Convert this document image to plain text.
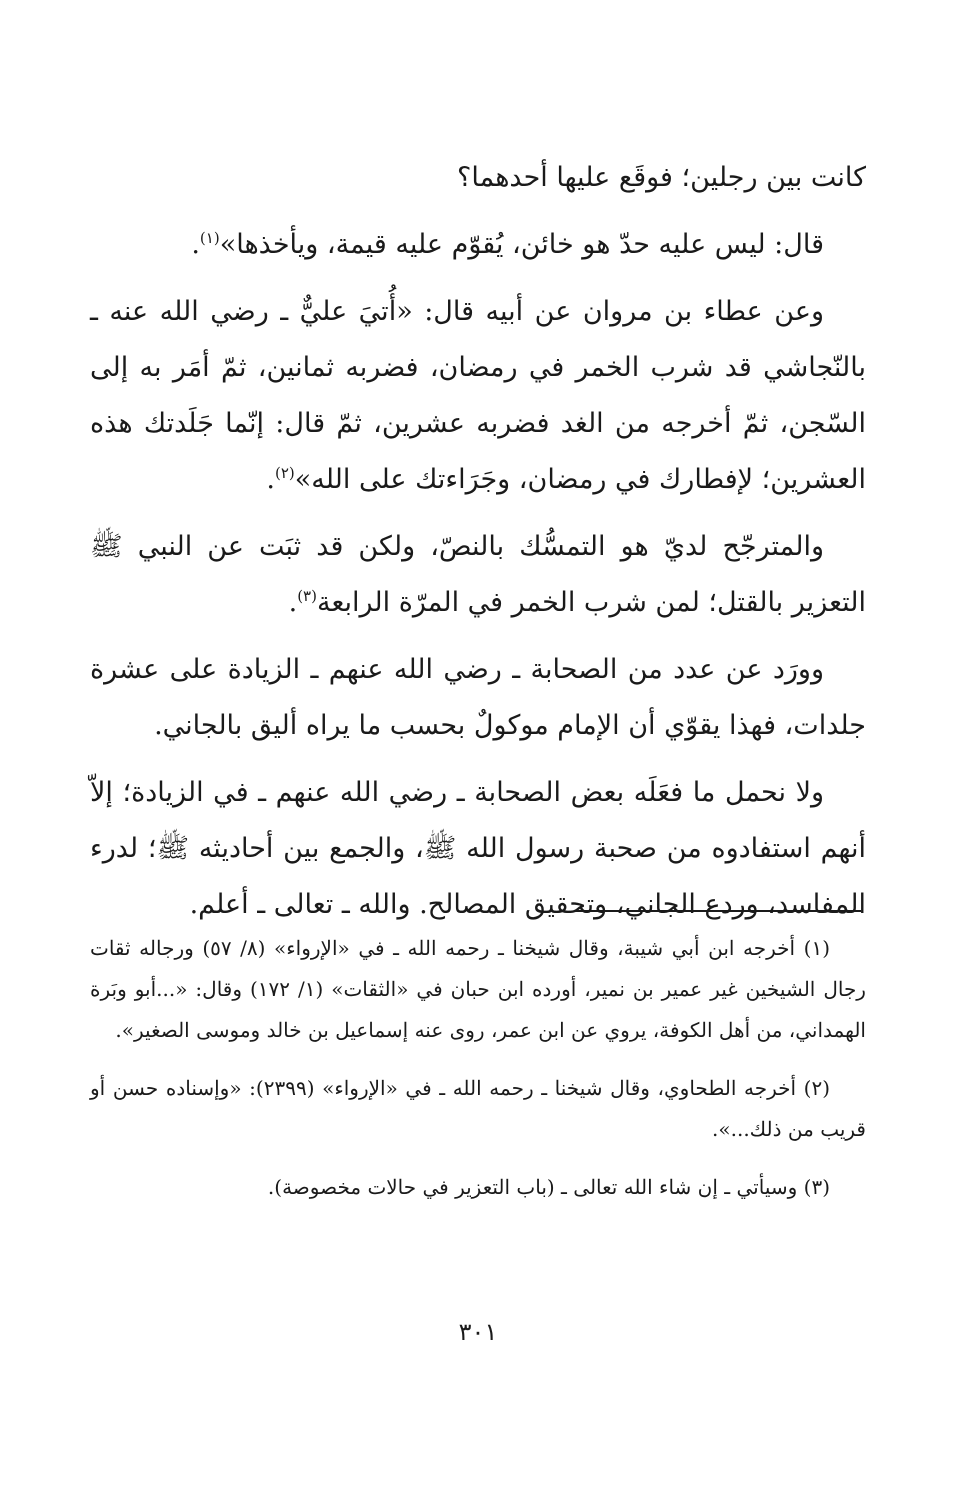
كانت بين رجلين؛ فوقَع عليها أحدهما؟

قال: ليس عليه حدّ هو خائن، يُقوّم عليه قيمة، ويأخذها»$^{(١)}$.

وعن عطاء بن مروان عن أبيه قال: «أُتيَ عليٌّ ـ رضي الله عنه ـ بالنّجاشي قد شرب الخمر في رمضان، فضربه ثمانين، ثمّ أمَر به إلى السّجن، ثمّ أخرجه من الغد فضربه عشرين، ثمّ قال: إنّما جَلَدتك هذه العشرين؛ لإفطارك في رمضان، وجَرَاءتك على الله»$^{(٢)}$.

والمترجّح لديّ هو التمسُّك بالنصّ، ولكن قد ثبَت عن النبي ﷺ التعزير بالقتل؛ لمن شرب الخمر في المرّة الرابعة$^{(٣)}$.

وورَد عن عدد من الصحابة ـ رضي الله عنهم ـ الزيادة على عشرة جلدات، فهذا يقوّي أن الإمام موكولٌ بحسب ما يراه أليق بالجاني.

ولا نحمل ما فعَلَه بعض الصحابة ـ رضي الله عنهم ـ في الزيادة؛ إلاّ أنهم استفادوه من صحبة رسول الله ﷺ، والجمع بين أحاديثه ﷺ؛ لدرء المفاسد، وردع الجاني، وتحقيق المصالح. والله ـ تعالى ـ أعلم.

(١) أخرجه ابن أبي شيبة، وقال شيخنا ـ رحمه الله ـ في «الإرواء» (٨/ ٥٧) ورجاله ثقات رجال الشيخين غير عمير بن نمير، أورده ابن حبان في «الثقات» (١/ ١٧٢) وقال: «...أبو وبَرة الهمداني، من أهل الكوفة، يروي عن ابن عمر، روى عنه إسماعيل بن خالد وموسى الصغير».

(٢) أخرجه الطحاوي، وقال شيخنا ـ رحمه الله ـ في «الإرواء» (٢٣٩٩): «وإسناده حسن أو قريب من ذلك...».

(٣) وسيأتي ـ إن شاء الله تعالى ـ (باب التعزير في حالات مخصوصة).

٣٠١
